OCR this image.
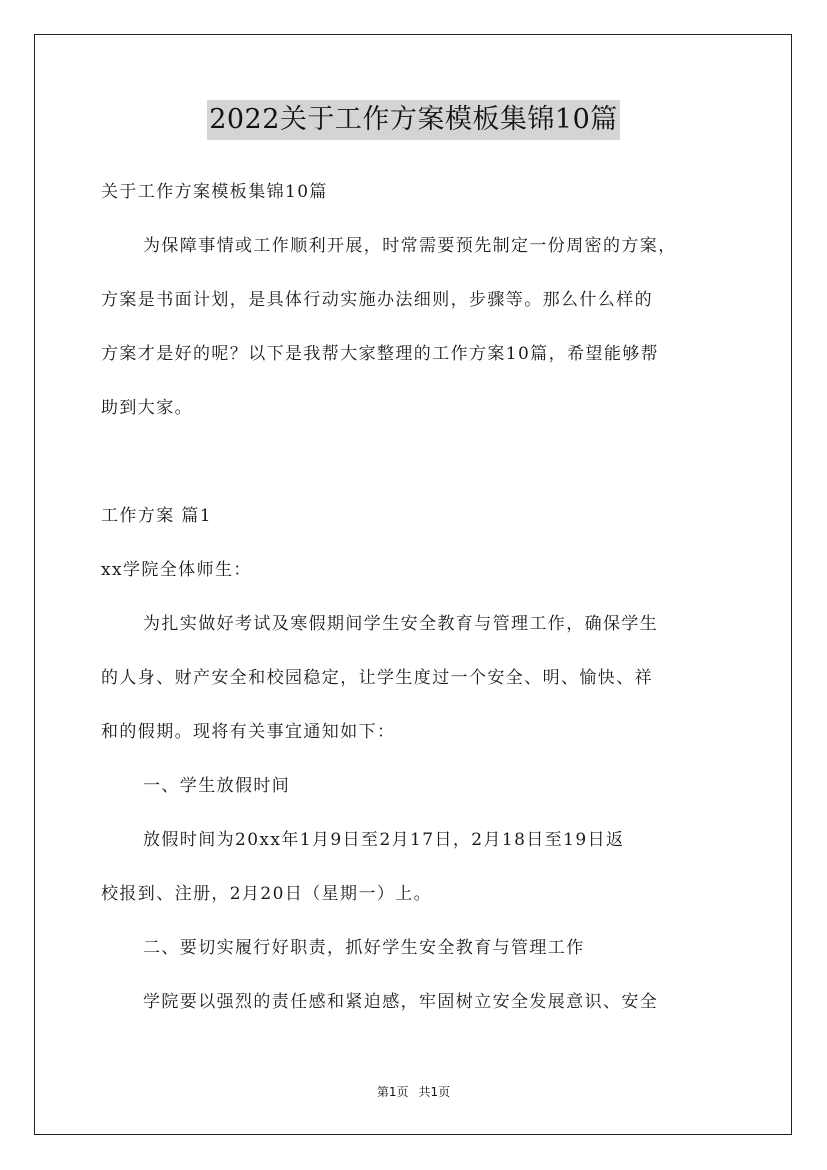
2022关于工作方案模板集锦10篇
关于工作方案模板集锦10篇
为保障事情或工作顺利开展，时常需要预先制定一份周密的方案，
方案是书面计划，是具体行动实施办法细则，步骤等。那么什么样的
方案才是好的呢？以下是我帮大家整理的工作方案10篇，希望能够帮
助到大家。
工作方案 篇1
xx学院全体师生：
为扎实做好考试及寒假期间学生安全教育与管理工作，确保学生
的人身、财产安全和校园稳定，让学生度过一个安全、明、愉快、祥
和的假期。现将有关事宜通知如下：
一、学生放假时间
放假时间为20xx年1月9日至2月17日，2月18日至19日返
校报到、注册，2月20日（星期一）上。
二、要切实履行好职责，抓好学生安全教育与管理工作
学院要以强烈的责任感和紧迫感，牢固树立安全发展意识、安全
第1页 共1页
